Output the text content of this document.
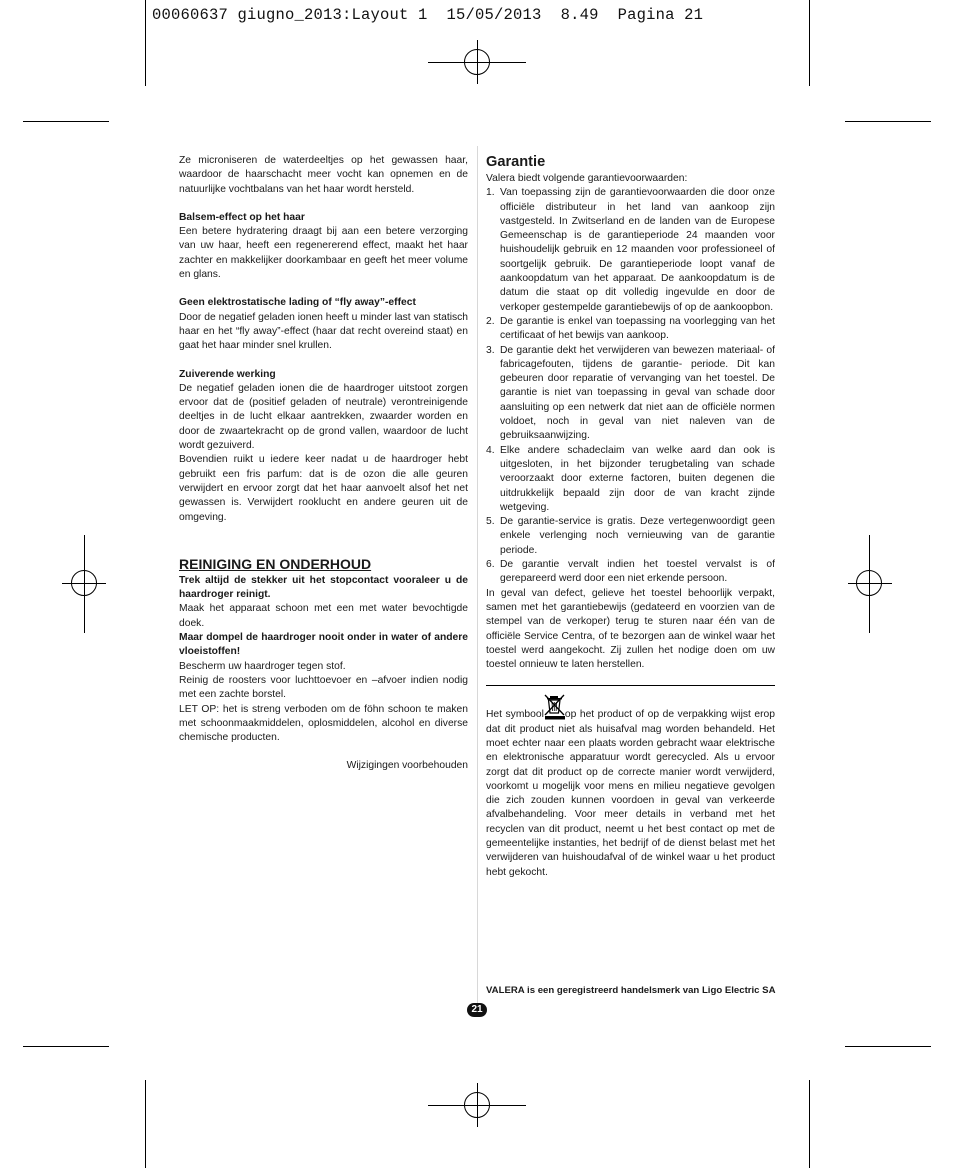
00060637 giugno_2013:Layout 1  15/05/2013  8.49  Pagina 21

Ze microniseren de waterdeeltjes op het gewassen haar, waardoor de haarschacht meer vocht kan opnemen en de natuurlijke vochtbalans van het haar wordt hersteld.

Balsem-effect op het haar

Een betere hydratering draagt bij aan een betere verzorging van uw haar, heeft een regenererend effect, maakt het haar zachter en makkelijker doorkambaar en geeft het meer volume en glans.

Geen elektrostatische lading of “fly away”-effect

Door de negatief geladen ionen heeft u minder last van statisch haar en het “fly away”-effect (haar dat recht overeind staat) en gaat het haar minder snel krullen.

Zuiverende werking

De negatief geladen ionen die de haardroger uitstoot zorgen ervoor dat de (positief geladen of neutrale) verontreinigende deeltjes in de lucht elkaar aantrekken, zwaarder worden en door de zwaartekracht op de grond vallen, waardoor de lucht wordt gezuiverd.

Bovendien ruikt u iedere keer nadat u de haardroger hebt gebruikt een fris parfum: dat is de ozon die alle geuren verwijdert en ervoor zorgt dat het haar aanvoelt alsof het net gewassen is. Verwijdert rooklucht en andere geuren uit de omgeving.

REINIGING EN ONDERHOUD

Trek altijd de stekker uit het stopcontact vooraleer u de haardroger reinigt.

Maak het apparaat schoon met een met water bevochtigde doek.

Maar dompel de haardroger nooit onder in water of andere vloeistoffen!

Bescherm uw haardroger tegen stof.

Reinig de roosters voor luchttoevoer en –afvoer indien nodig met een zachte borstel.

LET OP: het is streng verboden om de föhn schoon te maken met schoonmaakmiddelen, oplosmiddelen, alcohol en diverse chemische producten.

Wijzigingen voorbehouden

Garantie

Valera biedt volgende garantievoorwaarden:

1. Van toepassing zijn de garantievoorwaarden die door onze officiële distributeur in het land van aankoop zijn vastgesteld. In Zwitserland en de landen van de Europese Gemeenschap is de garantieperiode 24 maanden voor huishoudelijk gebruik en 12 maanden voor professioneel of soortgelijk gebruik. De garantieperiode loopt vanaf de aankoopdatum van het apparaat. De aankoopdatum is de datum die staat op dit volledig ingevulde en door de verkoper gestempelde garantiebewijs of op de aankoopbon.
2. De garantie is enkel van toepassing na voorlegging van het certificaat of het bewijs van aankoop.
3. De garantie dekt het verwijderen van bewezen materiaal- of fabricagefouten, tijdens de garantie- periode. Dit kan gebeuren door reparatie of vervanging van het toestel. De garantie is niet van toepassing in geval van schade door aansluiting op een netwerk dat niet aan de officiële normen voldoet, noch in geval van niet naleven van de gebruiksaanwijzing.
4. Elke andere schadeclaim van welke aard dan ook is uitgesloten, in het bijzonder terugbetaling van schade veroorzaakt door externe factoren, buiten degenen die uitdrukkelijk bepaald zijn door de van kracht zijnde wetgeving.
5. De garantie-service is gratis. Deze vertegenwoordigt geen enkele verlenging noch vernieuwing van de garantie periode.
6. De garantie vervalt indien het toestel vervalst is of gerepareerd werd door een niet erkende persoon.

In geval van defect, gelieve het toestel behoorlijk verpakt, samen met het garantiebewijs (gedateerd en voorzien van de stempel van de verkoper) terug te sturen naar één van de officiële Service Centra, of te bezorgen aan de winkel waar het toestel werd aangekocht. Zij zullen het nodige doen om uw toestel опnieuw te laten herstellen.

Het symbool op het product of op de verpakking wijst erop dat dit product niet als huisafval mag worden behandeld. Het moet echter naar een plaats worden gebracht waar elektrische en elektronische apparatuur wordt gerecycled. Als u ervoor zorgt dat dit product op de correcte manier wordt verwijderd, voorkomt u mogelijk voor mens en milieu negatieve gevolgen die zich zouden kunnen voordoen in geval van verkeerde afvalbehandeling. Voor meer details in verband met het recyclen van dit product, neemt u het best contact op met de gemeentelijke instanties, het bedrijf of de dienst belast met het verwijderen van huishoudafval of de winkel waar u het product hebt gekocht.

VALERA is een geregistreerd handelsmerk van Ligo Electric SA
21
